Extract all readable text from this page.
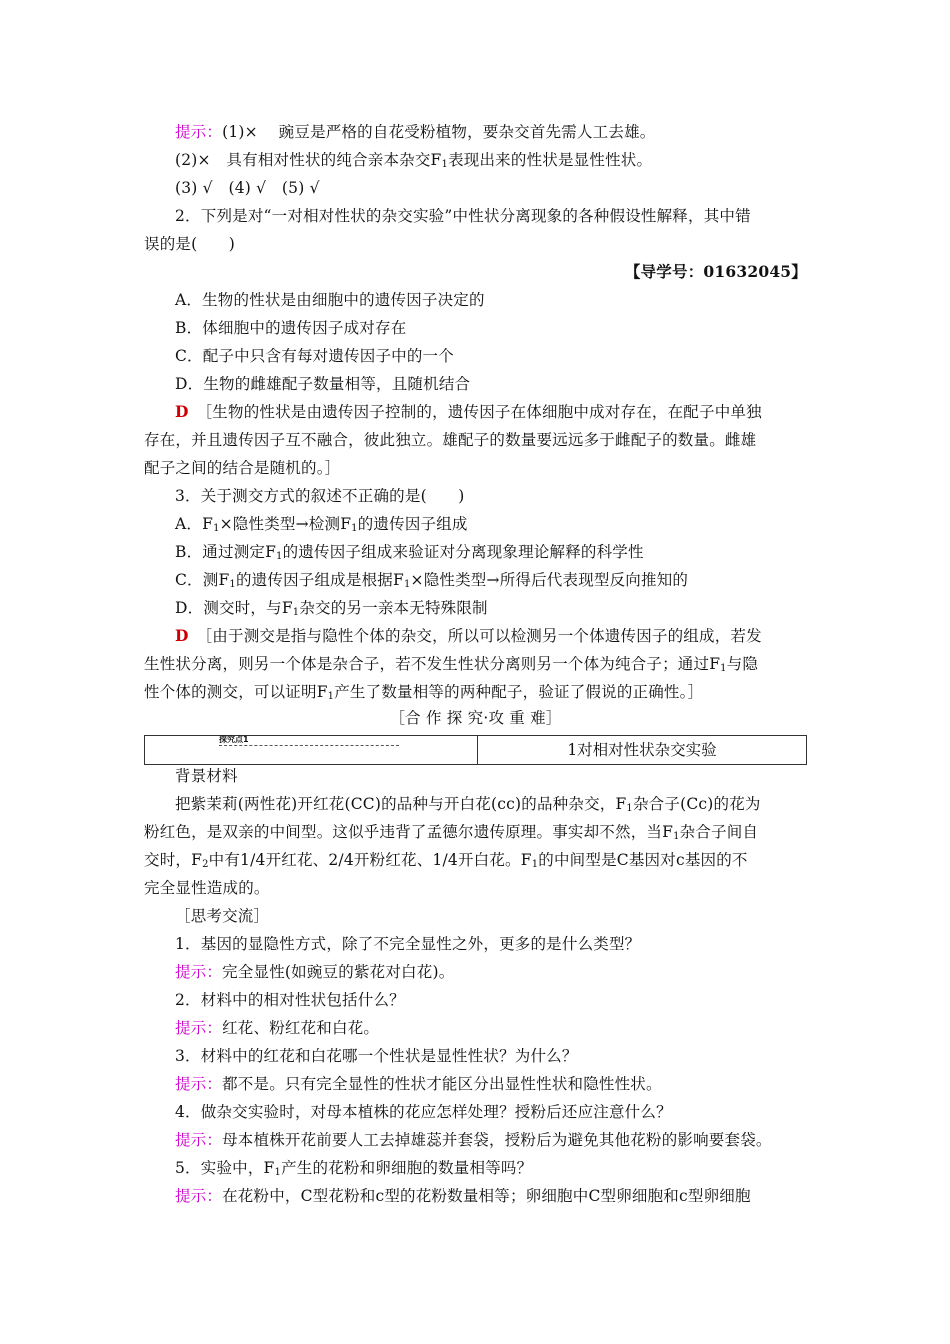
提示：(1)×　 豌豆是严格的自花受粉植物，要杂交首先需人工去雄。
(2)×　具有相对性状的纯合亲本杂交$F_1$表现出来的性状是显性性状。
(3) √　(4) √　(5) √
2．下列是对“一对相对性状的杂交实验”中性状分离现象的各种假设性解释，其中错
误的是(　　)
【导学号：01632045】
A．生物的性状是由细胞中的遗传因子决定的
B．体细胞中的遗传因子成对存在
C．配子中只含有每对遗传因子中的一个
D．生物的雌雄配子数量相等，且随机结合
D　 ［生物的性状是由遗传因子控制的，遗传因子在体细胞中成对存在，在配子中单独
存在，并且遗传因子互不融合，彼此独立。雄配子的数量要远远多于雌配子的数量。雌雄
配子之间的结合是随机的。］
3．关于测交方式的叙述不正确的是(　　)
A．$F_1\times$隐性类型→检测$F_1$的遗传因子组成
B．通过测定$F_1$的遗传因子组成来验证对分离现象理论解释的科学性
C．测$F_1$的遗传因子组成是根据$F_1\times$隐性类型→所得后代表现型反向推知的
D．测交时，与$F_1$杂交的另一亲本无特殊限制
D　 ［由于测交是指与隐性个体的杂交，所以可以检测另一个体遗传因子的组成，若发
生性状分离，则另一个体是杂合子，若不发生性状分离则另一个体为纯合子；通过$F_1$与隐
性个体的测交，可以证明$F_1$产生了数量相等的两种配子，验证了假说的正确性。］
［合 作 探 究·攻 重 难］
探究点1
	1对相对性状杂交实验
背景材料
把紫茉莉(两性花)开红花(CC)的品种与开白花(cc)的品种杂交，$F_1$杂合子(Cc)的花为
粉红色，是双亲的中间型。这似乎违背了孟德尔遗传原理。事实却不然，当$F_1$杂合子间自
交时，$F_2$中有1/4开红花、2/4开粉红花、1/4开白花。$F_1$的中间型是C基因对c基因的不
完全显性造成的。
［思考交流］
1．基因的显隐性方式，除了不完全显性之外，更多的是什么类型？
提示：完全显性(如豌豆的紫花对白花)。
2．材料中的相对性状包括什么？
提示：红花、粉红花和白花。
3．材料中的红花和白花哪一个性状是显性性状？为什么？
提示：都不是。只有完全显性的性状才能区分出显性性状和隐性性状。
4．做杂交实验时，对母本植株的花应怎样处理？授粉后还应注意什么？
提示：母本植株开花前要人工去掉雄蕊并套袋，授粉后为避免其他花粉的影响要套袋。
5．实验中，$F_1$产生的花粉和卵细胞的数量相等吗？
提示：在花粉中，C型花粉和c型的花粉数量相等；卵细胞中C型卵细胞和c型卵细胞
